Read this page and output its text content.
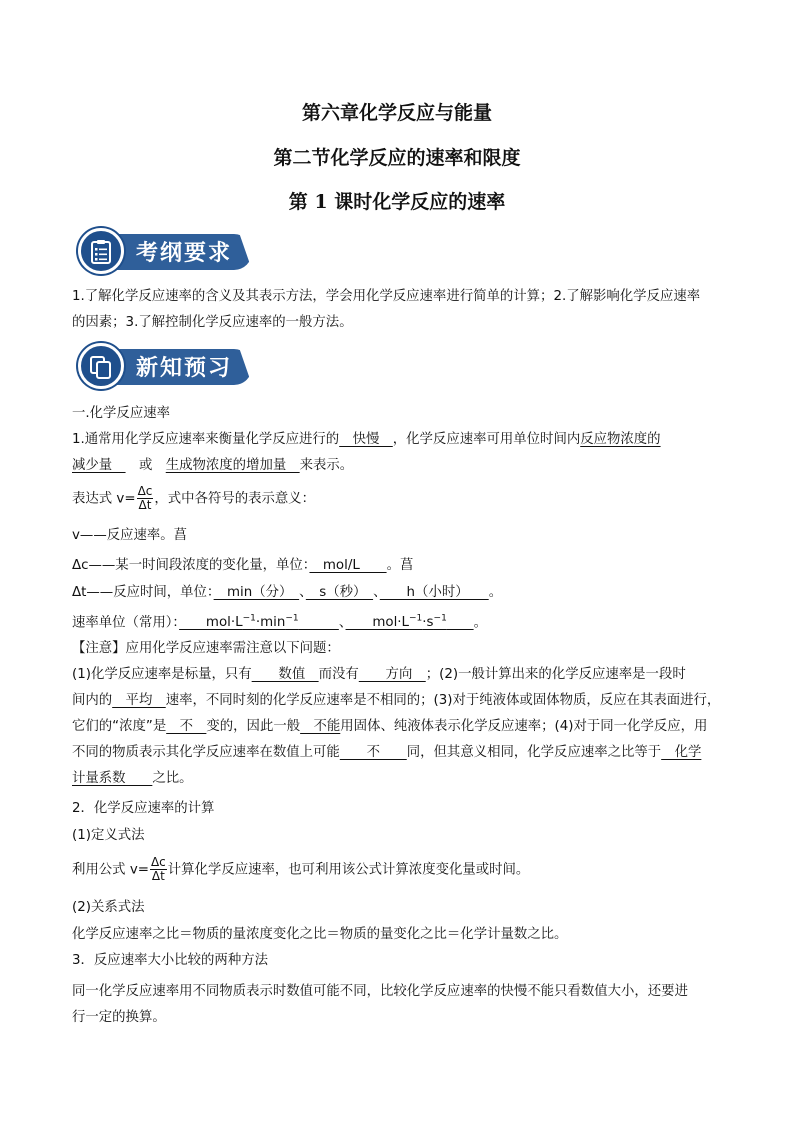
第六章化学反应与能量
第二节化学反应的速率和限度
第 1 课时化学反应的速率
考纲要求
1.了解化学反应速率的含义及其表示方法，学会用化学反应速率进行简单的计算；2.了解影响化学反应速率
的因素；3.了解控制化学反应速率的一般方法。
新知预习
一.化学反应速率
1.通常用化学反应速率来衡量化学反应进行的　快慢　，化学反应速率可用单位时间内反应物浓度的
减少量　　或　生成物浓度的增加量　来表示。
表达式 $v= \frac{\Delta c}{\Delta t}$ ，式中各符号的表示意义：
v——反应速率。菖
Δc——某一时间段浓度的变化量，单位：　mol/L　　。菖
Δt——反应时间，单位：　min（分）　、　s（秒）　、　　h（小时）　　。
速率单位（常用）：　　$mol\cdot L^{-1}\cdot\min^{-1}$　　　	、　　$mol\cdot L^{-1}\cdot s^{-1}$　　 。
【注意】应用化学反应速率需注意以下问题：
(1)化学反应速率是标量，只有　　数值　而没有　　方向　；(2)一般计算出来的化学反应速率是一段时
间内的　平均　速率，不同时刻的化学反应速率是不相同的；(3)对于纯液体或固体物质，反应在其表面进行，
它们的“浓度”是　不　变的，因此一般　不能用固体、纯液体表示化学反应速率；(4)对于同一化学反应，用
不同的物质表示其化学反应速率在数值上可能　　不　　同，但其意义相同，化学反应速率之比等于　化学
计量系数　　之比。
2．化学反应速率的计算
(1)定义式法
利用公式 $v= \frac{\Delta c}{\Delta t}$ 计算化学反应速率，也可利用该公式计算浓度变化量或时间。
(2)关系式法
化学反应速率之比＝物质的量浓度变化之比＝物质的量变化之比＝化学计量数之比。
3．反应速率大小比较的两种方法
同一化学反应速率用不同物质表示时数值可能不同，比较化学反应速率的快慢不能只看数值大小，还要进
行一定的换算。
